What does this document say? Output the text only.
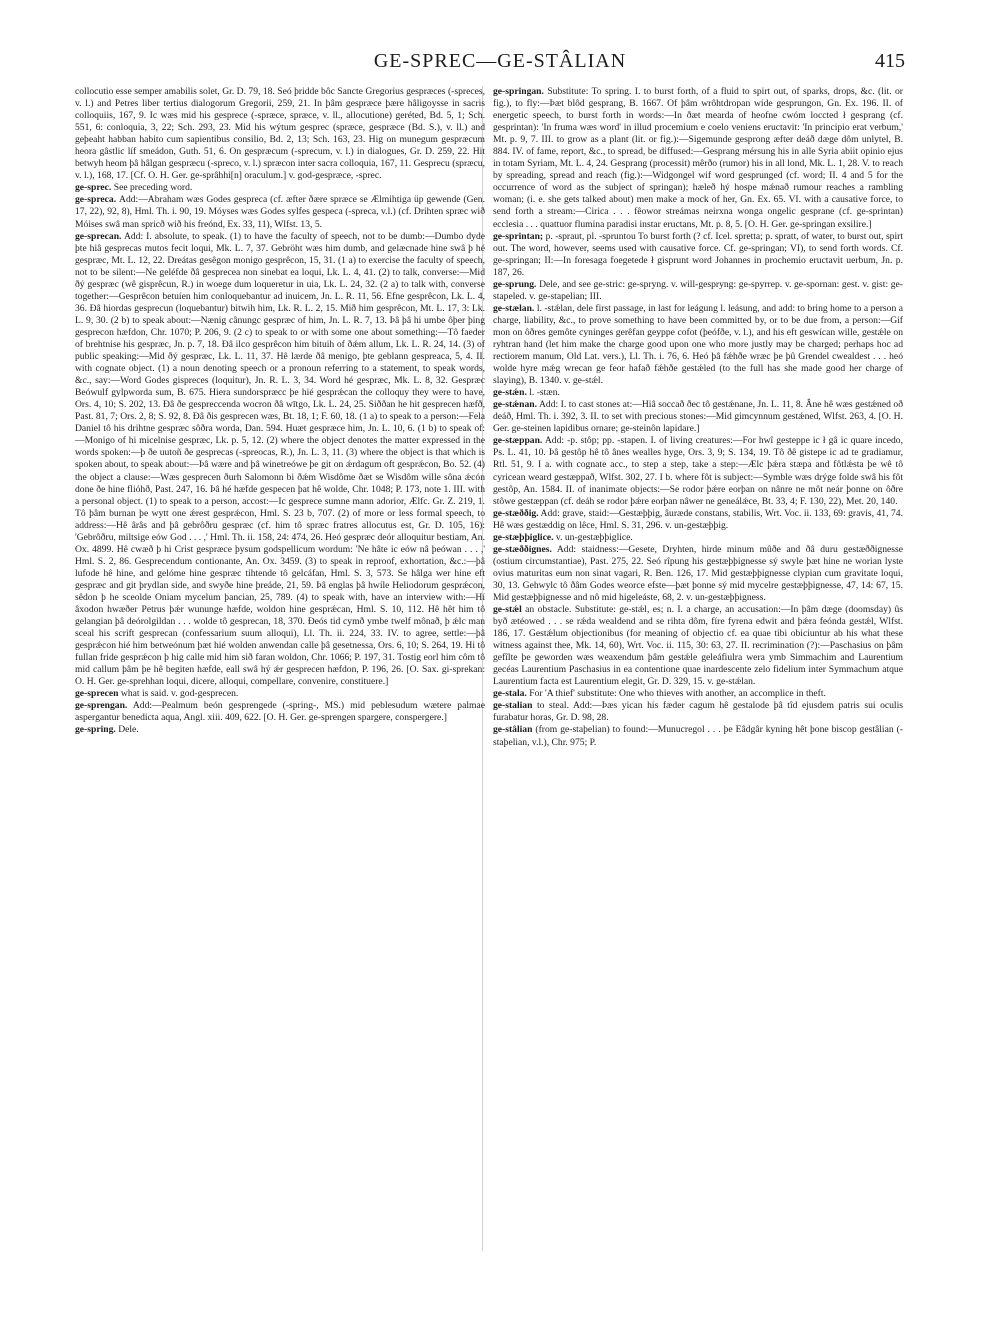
GE-SPREC—GE-STÂLIAN	415

collocutio esse semper amabilis solet, Gr. D. 79, 18. Seó þridde bôc Sancte Gregorius gespræces (-spreces, v. l.) and Petres liber tertius dialogorum Gregorii, 259, 21. In þâm gespræce þære hâligoysse in sacris colloquiis, 167, 9. Ic wæs mid his gesprece (-spræce, spræce, v. ll., allocutione) geréted, Bd. 5, 1; Sch. 551, 6: conloquia, 3, 22; Sch. 293, 23. Mid his wýtum gesprec (spræce, gespræce (Bd. S.), v. ll.) and geþeaht habban habito cum sapientibus consilio, Bd. 2, 13; Sch. 163, 23. Hig on munegum gespræcum heora gâstlic líf smeádon, Guth. 51, 6. On gespræcum (-sprecum, v. l.) in dialogues, Gr. D. 259, 22. Hit betwyh heom þâ hâlgan gespræcu (-spreco, v. l.) spræcon inter sacra colloquia, 167, 11. Gesprecu (spræcu, v. l.), 168, 17. [Cf. O. H. Ger. ge-sprâhhi[n] oraculum.] v. god-gespræce, -sprec.

ge-sprec. See preceding word.

ge-sprecа. Add:—Abraham wæs Godes gespreca (cf. æfter ðære spræce se Ælmihtiga üp gewende (Gen. 17, 22), 92, 8), Hml. Th. i. 90, 19. Móyses wæs Godes sylfes gespeca (-spreca, v.l.) (cf. Drihten spræc wið Móises swâ man spricð wið his freónd, Ex. 33, 11), Wlfst. 13, 5.

ge-sprecan. Add: I. absolute, to speak. (1) to have the faculty of speech, not to be dumb:—Dumbo dyde þte hiâ gesprecas mutos fecit loqui, Mk. L. 7, 37. Gebröht wæs him dumb, and gelæcnade hine swâ þ hé gespræc, Mt. L. 12, 22. Dreátas gesêgon monigo gesprêcon, 15, 31. (1 a) to exercise the faculty of speech, not to be silent:—Ne geléfde ðâ gesprecea non sinebat ea loqui, Lk. L. 4, 41. (2) to talk, converse:—Mid ðý gespræc (wê gisprêcun, R.) in woege dum loqueretur in uia, Lk. L. 24, 32. (2 a) to talk with, converse together:—Gesprêcon betuíen him conloquebantur ad inuicem, Jn. L. R. 11, 56. Efne gesprêcon, Lk. L. 4, 36. Ðâ hiordas gesprecun (loquebantur) bitwih him, Lk. R. L. 2, 15. Mið him gesprêcon, Mt. L. 17, 3: Lk. L. 9, 30. (2 b) to speak about:—Nænig cânungc gespræc of him, Jn. L. R. 7, 13. Þâ þâ hi umbe ôþer þing gesprecon hæfdon, Chr. 1070; P. 206, 9. (2 c) to speak to or with some one about something:—Tô faeder of brehtnise his gespræc, Jn. p. 7, 18. Ðâ ilco gesprêcon him bituih of ðǽm allum, Lk. L. R. 24, 14. (3) of public speaking:—Mid ðý gespræc, Lk. L. 11, 37. Hê lærde ðâ menigo, þte geblann gespreaca, 5, 4. II. with cognate object. (1) a noun denoting speech or a pronoun referring to a statement, to speak words, &c., say:—Word Godes gispreces (loquitur), Jn. R. L. 3, 34. Word hé gespræc, Mk. L. 8, 32. Gespræc Beówulf gylpworda sum, B. 675. Hiera sundorspræcc þe hié gesprǽcan the colloquy they were to have, Ors. 4, 10; S. 202, 13. Ðâ ðe gespreccenda wocron ðâ wītgo, Lk. L. 24, 25. Siððan he hit gesprecen hæfð, Past. 81, 7; Ors. 2, 8; S. 92, 8. Ðâ ðis gesprecen wæs, Bt. 18, 1; F. 60, 18. (1 a) to speak to a person:—Fela Daniel tô his drihtne gespræc sôðra worda, Dan. 594. Huæt gespræce him, Jn. L. 10, 6. (1 b) to speak of:—Monigo of hi micelnise gespræc, Lk. p. 5, 12. (2) where the object denotes the matter expressed in the words spoken:—þ ðe uutoñ ðe gesprecas (-spreocas, R.), Jn. L. 3, 11. (3) where the object is that which is spoken about, to speak about:—Þâ wære and þâ winetreówe þe git on ǽrdagum oft gesprǽcon, Bo. 52. (4) the object a clause:—Wæs gesprecen ðurh Salomonn bi ðǽm Wisdôme ðæt se Wisdôm wille sôna ǽcón done ðe hine flióhð, Past. 247, 16. Þâ hé hæfde gespecen þat hê wolde, Chr. 1048; P. 173, note 1. III. with a personal object. (1) to speak to a person, accost:—Ic gesprece sumne mann adorior, Ælfc. Gr. Z. 219, 1. Tô þâm burnan þe wytt one ǽrest gesprǽcon, Hml. S. 23 b, 707. (2) of more or less formal speech, to address:—Hê ârâs and þâ gebrôðru gespræc (cf. him tô spræc fratres allocutus est, Gr. D. 105, 16): 'Gebrôðru, miltsige eów God . . . ,' Hml. Th. ii. 158, 24: 474, 26. Heó gespræc deór alloquitur bestiam, An. Ox. 4899. Hê cwæð þ hi Crist gespræce þysum godspellicum wordum: 'Ne hâte ic eów nâ þeówan . . . ,' Hml. S. 2, 86. Gesprecendum contionante, An. Ox. 3459. (3) to speak in reproof, exhortation, &c.:—þâ lufode hê hine, and gelóme hine gespræc tihtende tô gelcáfan, Hml. S. 3, 573. Se hâlga wer hine eft gespræc and git þrydlan side, and swyðe hine þreáde, 21, 59. Þâ englas þâ hwíle Heliodorum gesprǽcon, sêdon þ he sceolde Oniam mycelum þancian, 25, 789. (4) to speak with, have an interview with:—Hí âxodon hwæðer Petrus þǽr wununge hæfde, woldon hine gesprǽcan, Hml. S. 10, 112. Hê hêt him tô gelangian þâ deórolgildan . . . wolde tô gesprecan, 18, 370. Ðeós tid cymð ymbe twelf mônað, þ ǽlc man sceal his scrift gesprecan (confessarium suum alloqui), Ll. Th. ii. 224, 33. IV. to agree, settle:—þâ gesprǽcon hié him betweónum þæt hié wolden anwendan calle þâ gesetnessa, Ors. 6, 10; S. 264, 19. Hi tô fullan fride gesprǽcon þ hig calle mid him sið faran woldon, Chr. 1066; P. 197, 31. Tostig eorl him côm tô mid callum þâm þe hê begiten hæfde, eall swâ hý ǽr gesprecen hæfdon, P. 196, 26. [O. Sax. gi-sprekan: O. H. Ger. ge-sprehhan loqui, dicere, alloqui, compellare, convenire, constituere.]

ge-sprecen what is said. v. god-gesprecen.

ge-sprengan. Add:—Pealmum beón gesprengede (-spring-, MS.) mid peblesudum wætere palmae aspergantur benedicta aqua, Angl. xiii. 409, 622. [O. H. Ger. ge-sprengen spargere, conspergere.]

ge-spring. Dele.

ge-springan. Substitute: To spring. I. to burst forth, of a fluid to spirt out, of sparks, drops, &c. (lit. or fig.), to fly:—Þæt blôd gesprang, B. 1667. Of þâm wrôhtdropan wíde gesprungon, Gn. Ex. 196. II. of energetic speech, to burst forth in words:—In ðæt mearda of heofne cwóm loccted ł gesprang (cf. gesprintan): 'In fruma wæs word' in illud procemium e coelo veniens eructavit: 'In principio erat verbum,' Mt. p. 9, 7. III. to grow as a plant (lit. or fig.):—Sigemunde gesprong æfter deáð dæge dôm unlytel, B. 884. IV. of fame, report, &c., to spread, be diffused:—Gesprang mérsung his in alle Syria abiit opinio ejus in totam Syriam, Mt. L. 4, 24. Gesprang (processit) mêrðo (rumor) his in all lond, Mk. L. 1, 28. V. to reach by spreading, spread and reach (fig.):—Widgongel wif word gesprunged (cf. word; II. 4 and 5 for the occurrence of word as the subject of springan); hæleð hý hospe mǽnað rumour reaches a rambling woman; (i. e. she gets talked about) men make a mock of her, Gn. Ex. 65. VI. with a causative force, to send forth a stream:—Cirica . . . fêowor streámas neirxna wonga ongelic gesprane (cf. ge-sprintan) ecclesia . . . quattuor flumina paradisi instar eructans, Mt. p. 8, 5. [O. H. Ger. ge-springan exsilire.]

ge-sprintan; p. -spraut, pl. -spruntou To burst forth (? cf. Icel. spretta; p. spratt, of water, to burst out, spirt out. The word, however, seems used with causative force. Cf. ge-springan; VI), to send forth words. Cf. ge-springan; II:—In foresaga foegetede ł gisprunt word Johannes in prochemio eructavit uerbum, Jn. p. 187, 26.

ge-sprung. Dele, and see ge-stric: ge-spryng. v. will-gespryng: ge-spyrrep. v. ge-spornan: gest. v. gist: ge-stapeled. v. ge-stapelian; III.

ge-stælan. l. -stǽlan, dele first passage, in last for leágung l. leásung, and add: to bring home to a person a charge, liability, &c., to prove something to have been committed by, or to be due from, a person:—Gif mon on ôðres gemôte cyninges gerêfan geyppe cofot (þeófðe, v. l.), and his eft geswícan wille, gestǽle on ryhtran hand (let him make the charge good upon one who more justly may be charged; perhaps hoc ad rectiorem manum, Old Lat. vers.), Ll. Th. i. 76, 6. Heó þâ fǽhðe wræc þe þû Grendel cwealdest . . . heó wolde hyre mǽg wrecan ge feor hafað fǽhðe gestǽled (to the full has she made good her charge of slaying), B. 1340. v. ge-stǽl.

ge-stǽn. l. -stæn.

ge-stǽnan. Add: I. to cast stones at:—Hiâ soccað ðec tô gestǽnane, Jn. L. 11, 8. Âne hê wæs gestǽned oð deáð, Hml. Th. i. 392, 3. II. to set with precious stones:—Mid gimcynnum gestǽned, Wlfst. 263, 4. [O. H. Ger. ge-steinen lapidibus ornare; ge-steinôn lapidare.]

ge-stæppan. Add: -p. stôp; pp. -stapen. I. of living creatures:—For hwî gesteppe ic ł gâ ic quare incedo, Ps. L. 41, 10. Þâ gestôp hê tô ânes wealles hyge, Ors. 3, 9; S. 134, 19. Tô ðê gistepe ic ad te gradiamur, Rtl. 51, 9. I a. with cognate acc., to step a step, take a step:—Ælc þǽra stæpa and fôtlǽsta þe wê tô cyricean weard gestæppað, Wlfst. 302, 27. I b. where fôt is subject:—Symble wæs drýge folde swâ his fôt gestôp, An. 1584. II. of inanimate objects:—Se rodor þǽre eorþan on nânre ne môt neár þonne on ôðre stôwe gestæppan (cf. deáh se rodor þǽre eorþan nâwer ne geneálǽce, Bt. 33, 4; F. 130, 22), Met. 20, 140.

ge-stæððig. Add: grave, staid:—Gestæþþig, âuræde constans, stabilis, Wrt. Voc. ii. 133, 69: gravis, 41, 74. Hê wæs gestæddig on lêce, Hml. S. 31, 296. v. un-gestæþþig.

ge-stæþþiglice. v. un-gestæþþiglice.

ge-stæððignes. Add: staidness:—Gesete, Dryhten, hirde minum mûðe and ðâ duru gestæððignesse (ostium circumstantiae), Past. 275, 22. Seó rîpung his gestæþþignesse sý swyle þæt hine ne worian lyste ovius maturitas eum non sinat vagari, R. Ben. 126, 17. Mid gestæþþignesse clypian cum gravitate loqui, 30, 13. Gehwylc tô ðâm Godes weorce efste—þæt þonne sý mid mycelre gestæþþignesse, 47, 14: 67, 15. Mid gestæþþignesse and nô mid higeleáste, 68, 2. v. un-gestæþþigness.

ge-stǽl an obstacle. Substitute: ge-stǽl, es; n. I. a charge, an accusation:—In þâm dæge (doomsday) ûs byð ætéowed . . . se rǽda wealdend and se rihta dôm, fíre fyrena edwit and þǽra feónda gestǽl, Wlfst. 186, 17. Gestǽlum objectionibus (for meaning of objectio cf. ea quae tibi obiciuntur ab his what these witness against thee, Mk. 14, 60), Wrt. Voc. ii. 115, 30: 63, 27. II. recrimination (?):—Paschasius on þâm gefîlte þe geworden wæs weaxendum þâm gestǽle geleáfiulra wera ymb Simmachim and Laurentium gecéas Laurentium Paschasius in ea contentione quae inardescente zelo fidelium inter Symmachum atque Laurentium facta est Laurentium elegit, Gr. D. 329, 15. v. ge-stǽlan.

ge-stala. For 'A thief' substitute: One who thieves with another, an accomplice in theft.

ge-stalian to steal. Add:—Þæs yican his fæder cagum hê gestalode þâ tîd ejusdem patris sui oculis furabatur horas, Gr. D. 98, 28.

ge-stâlian (from ge-staþelian) to found:—Munucregol . . . þe Eâdgâr kyning hêt þone biscop gestâlian (-staþelian, v.l.), Chr. 975; P.
